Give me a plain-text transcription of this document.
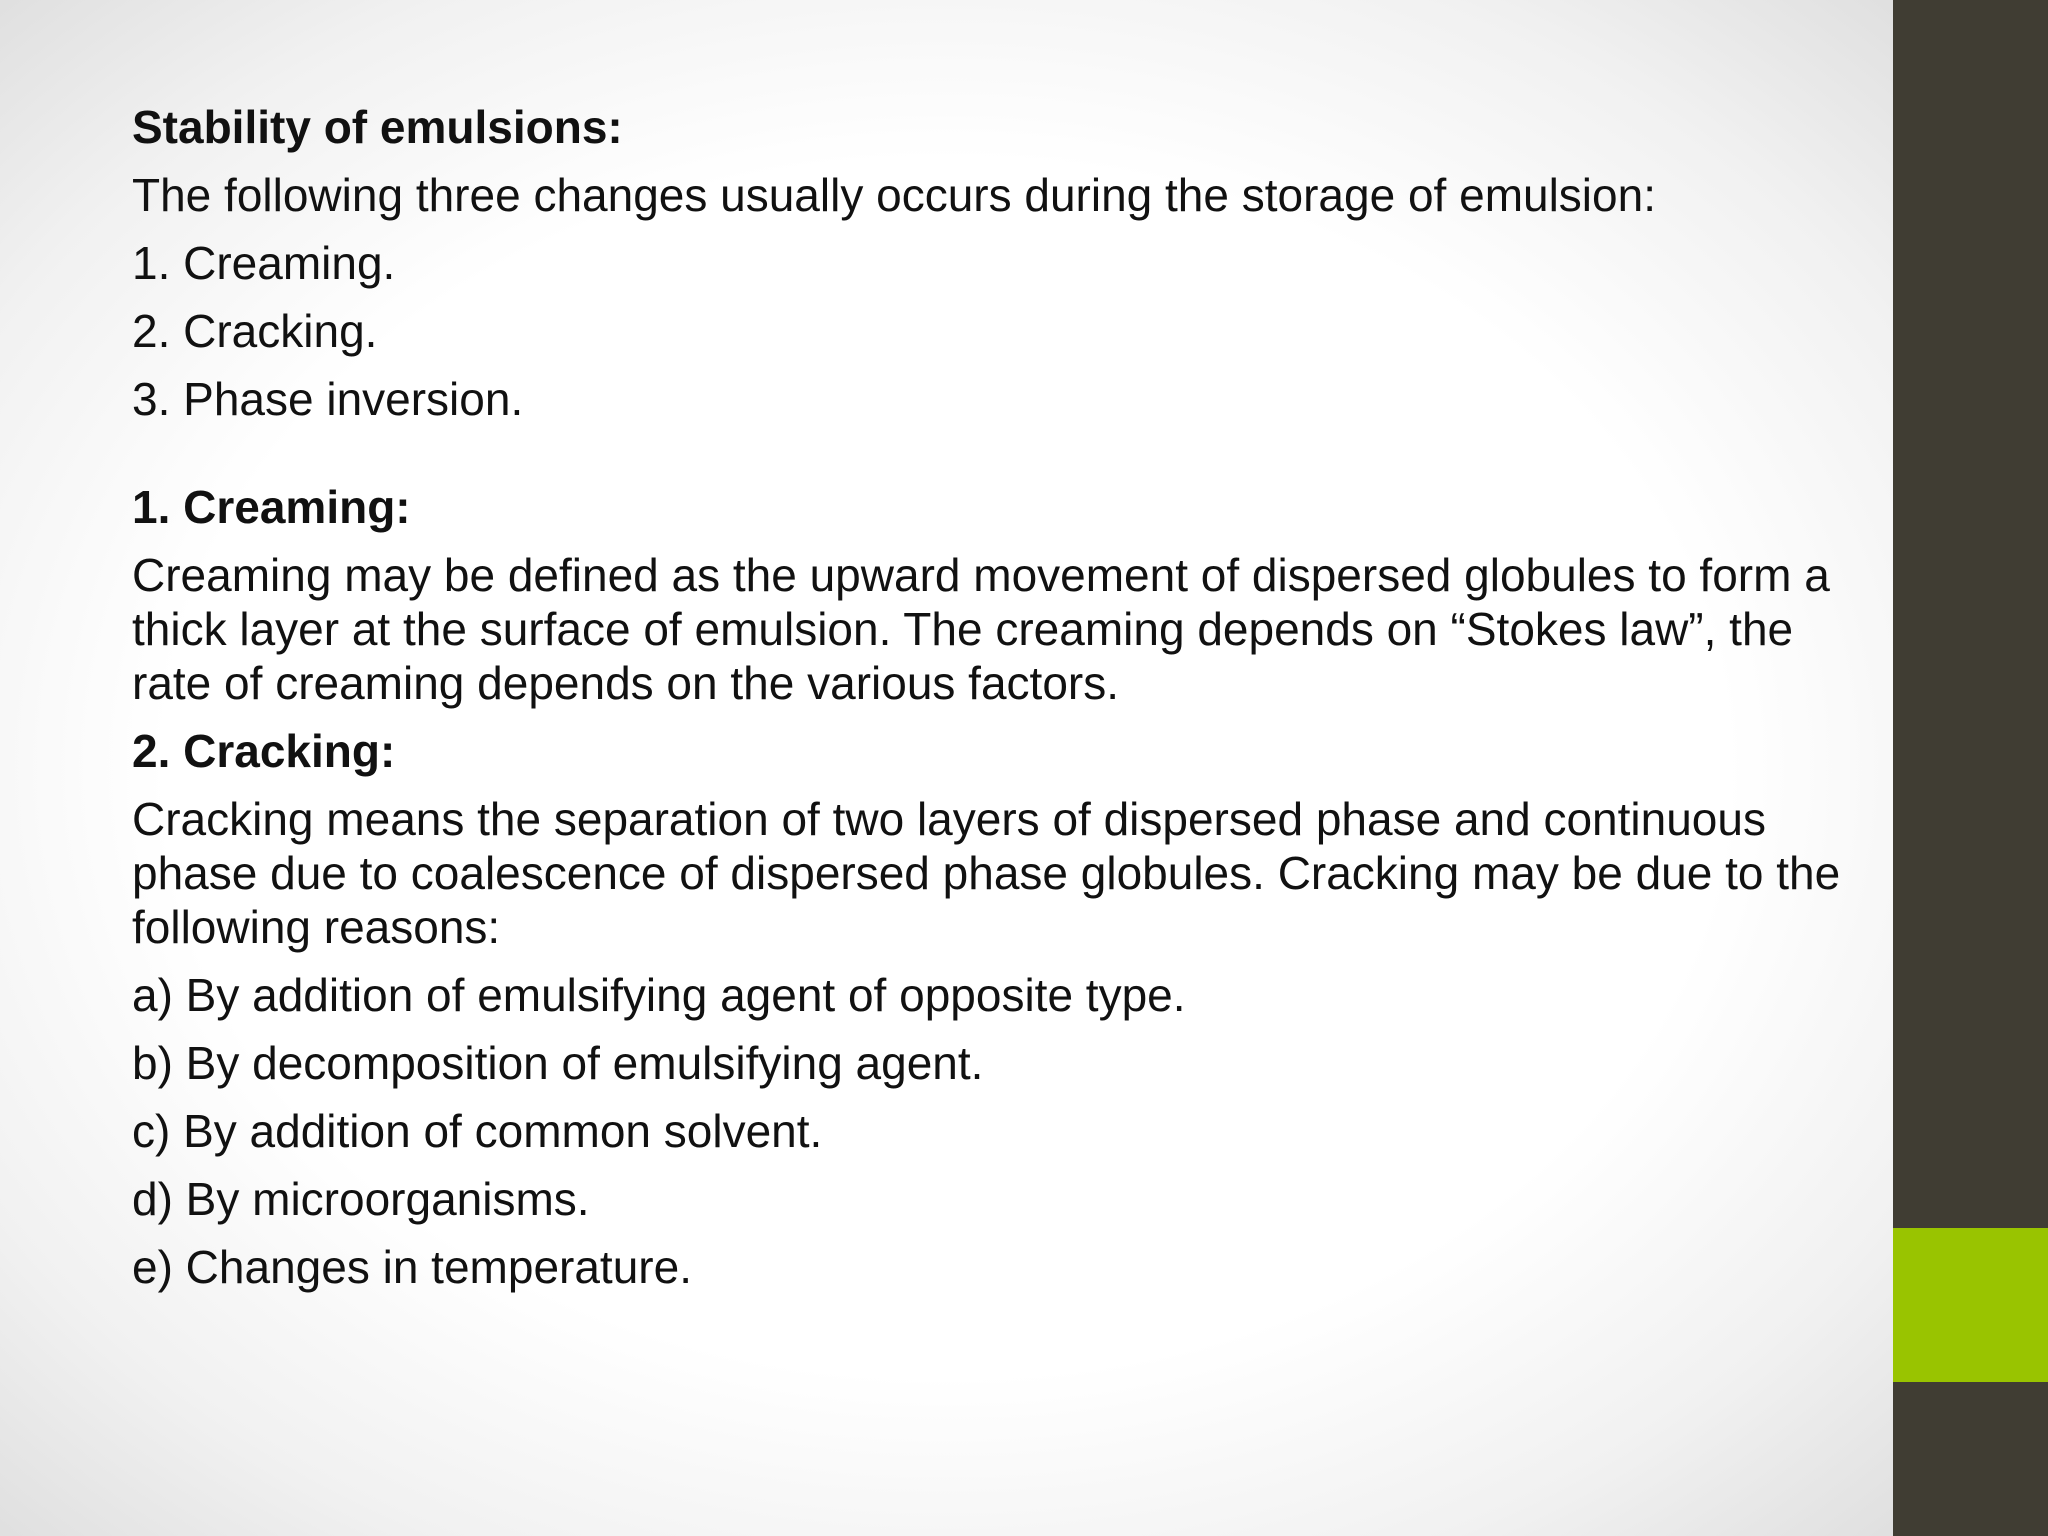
Stability of emulsions:

The following three changes usually occurs during the storage of emulsion:

1. Creaming.

2. Cracking.

3. Phase inversion.

1. Creaming:

Creaming may be defined as the upward movement of dispersed globules to form a thick layer at the surface of emulsion. The creaming depends on “Stokes law”, the rate of creaming depends on the various factors.

2. Cracking:

Cracking means the separation of two layers of dispersed phase and continuous phase due to coalescence of dispersed phase globules. Cracking may be due to the following reasons:

a) By addition of emulsifying agent of opposite type.

b) By decomposition of emulsifying agent.

c) By addition of common solvent.

d) By microorganisms.

e) Changes in temperature.
